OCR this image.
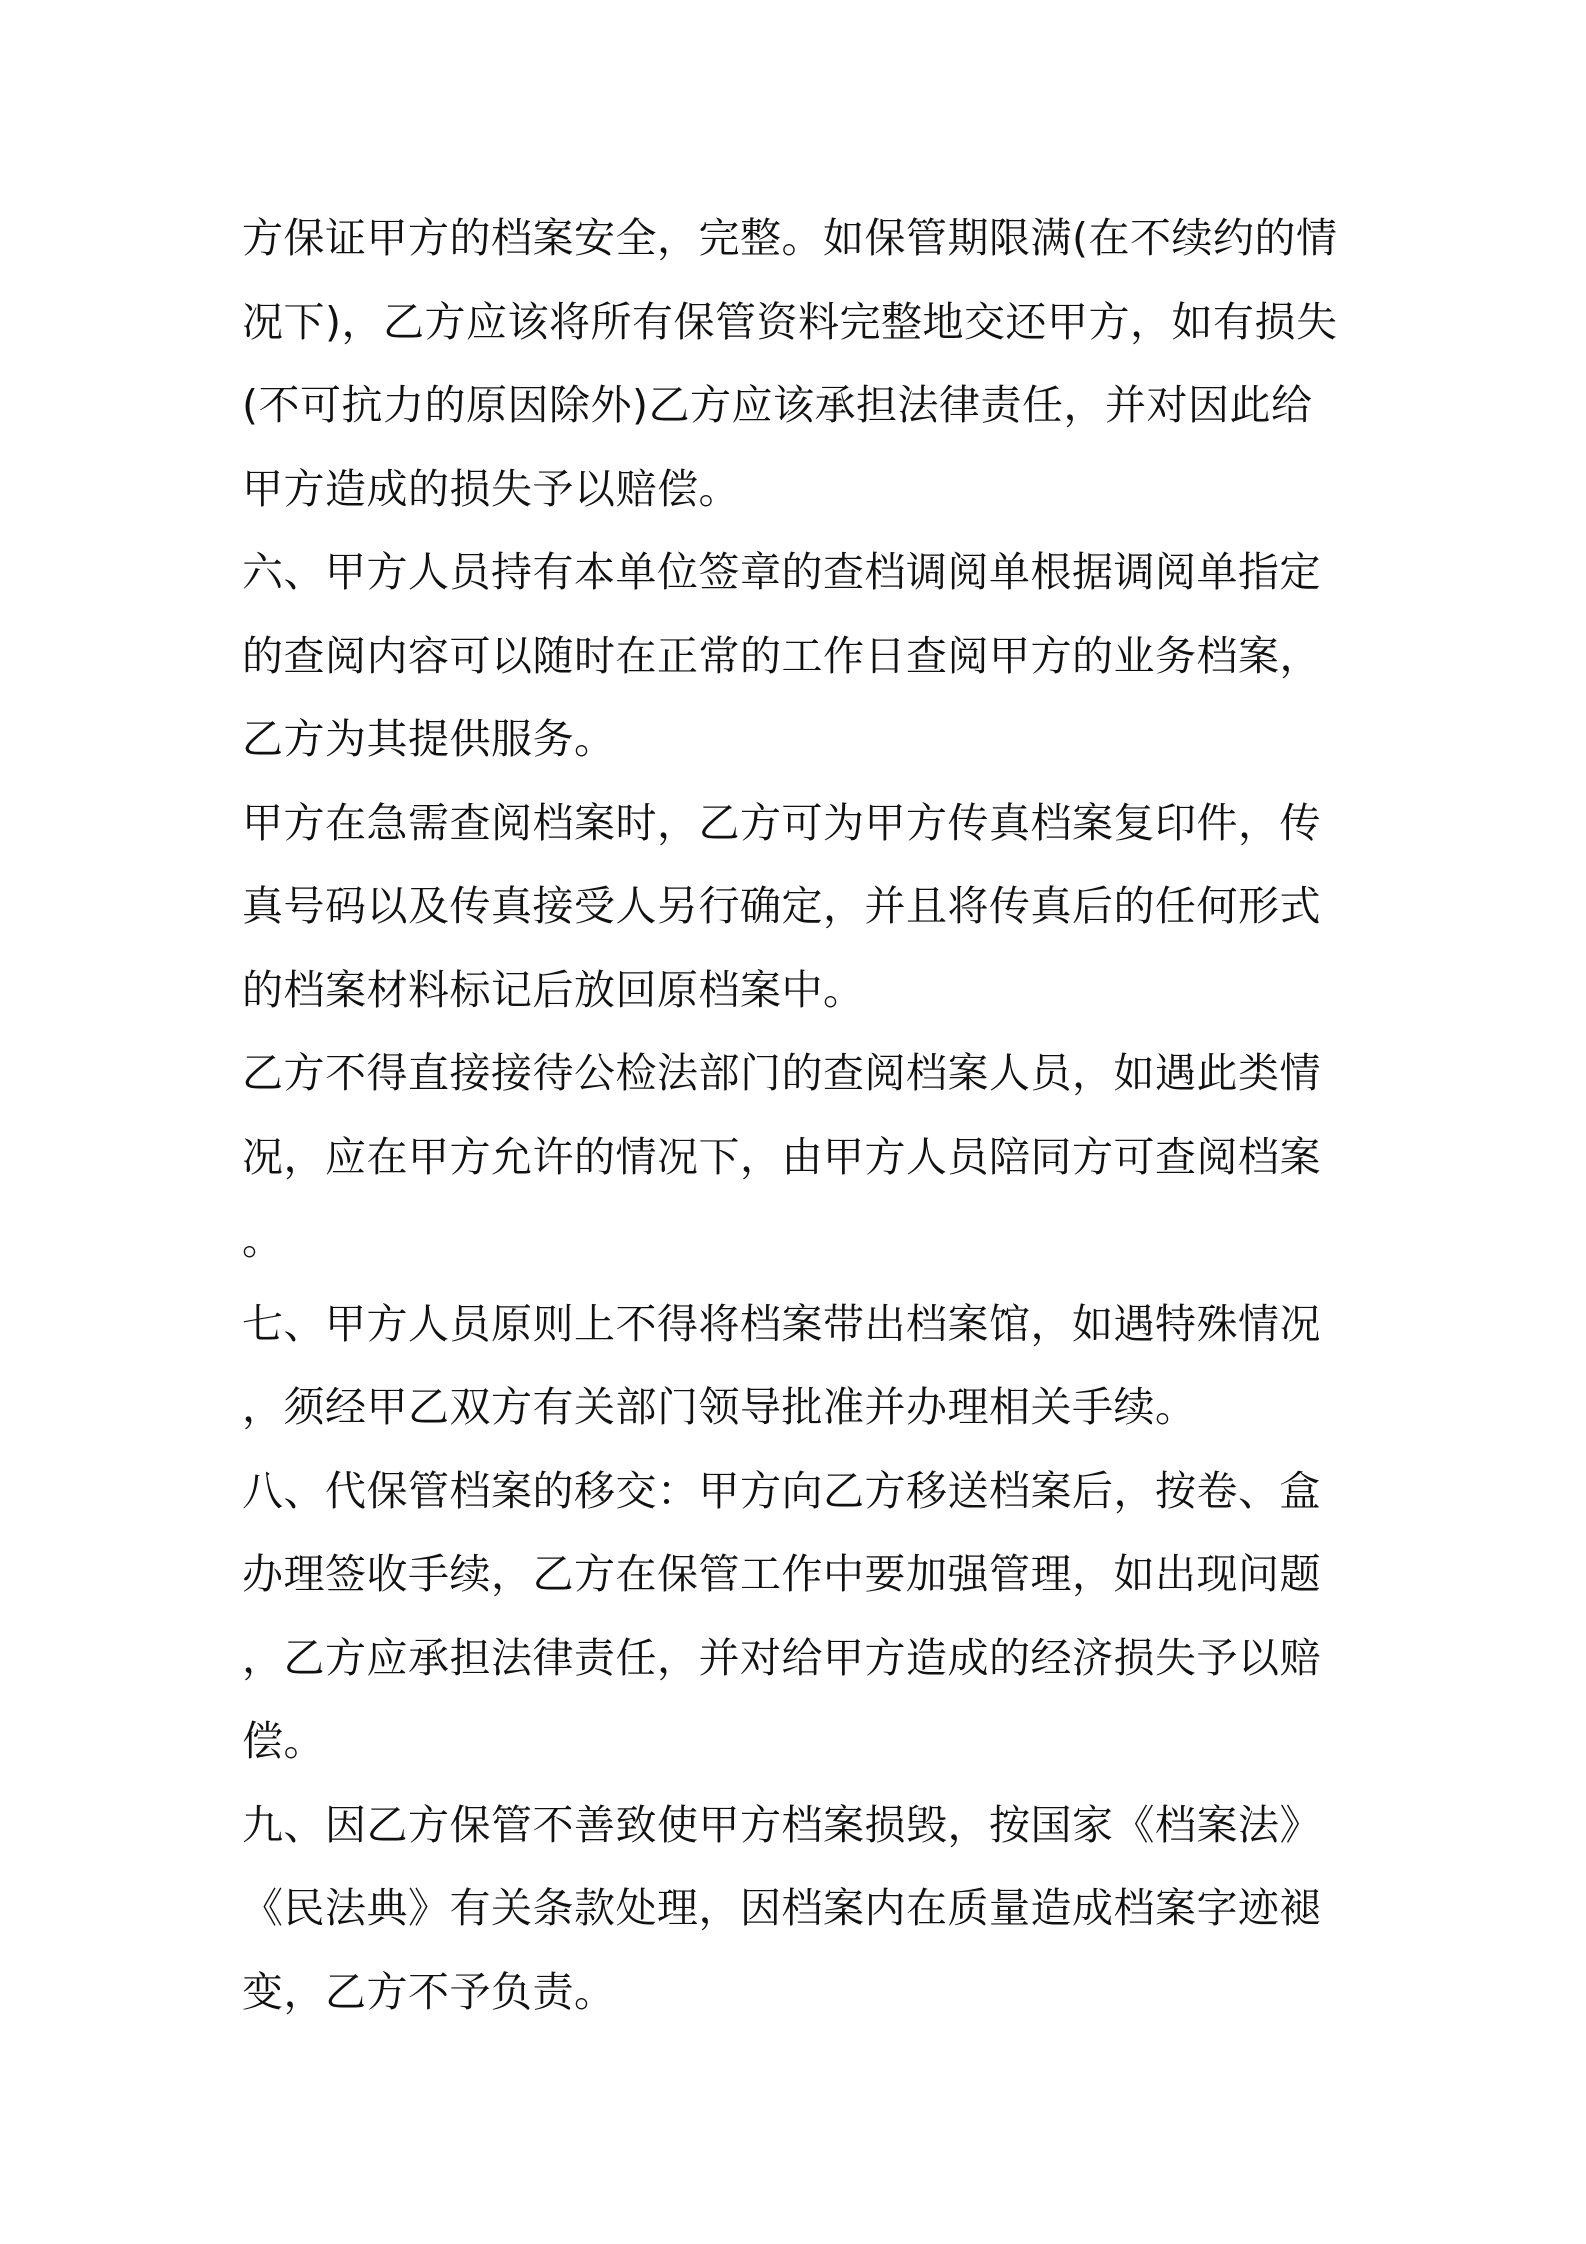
方保证甲方的档案安全，完整。如保管期限满(在不续约的情
况下)，乙方应该将所有保管资料完整地交还甲方，如有损失
(不可抗力的原因除外)乙方应该承担法律责任，并对因此给
甲方造成的损失予以赔偿。
六、甲方人员持有本单位签章的查档调阅单根据调阅单指定
的查阅内容可以随时在正常的工作日查阅甲方的业务档案，
乙方为其提供服务。
甲方在急需查阅档案时，乙方可为甲方传真档案复印件，传
真号码以及传真接受人另行确定，并且将传真后的任何形式
的档案材料标记后放回原档案中。
乙方不得直接接待公检法部门的查阅档案人员，如遇此类情
况，应在甲方允许的情况下，由甲方人员陪同方可查阅档案
。
七、甲方人员原则上不得将档案带出档案馆，如遇特殊情况
，须经甲乙双方有关部门领导批准并办理相关手续。
八、代保管档案的移交：甲方向乙方移送档案后，按卷、盒
办理签收手续，乙方在保管工作中要加强管理，如出现问题
，乙方应承担法律责任，并对给甲方造成的经济损失予以赔
偿。
九、因乙方保管不善致使甲方档案损毁，按国家《档案法》
《民法典》有关条款处理，因档案内在质量造成档案字迹褪
变，乙方不予负责。
